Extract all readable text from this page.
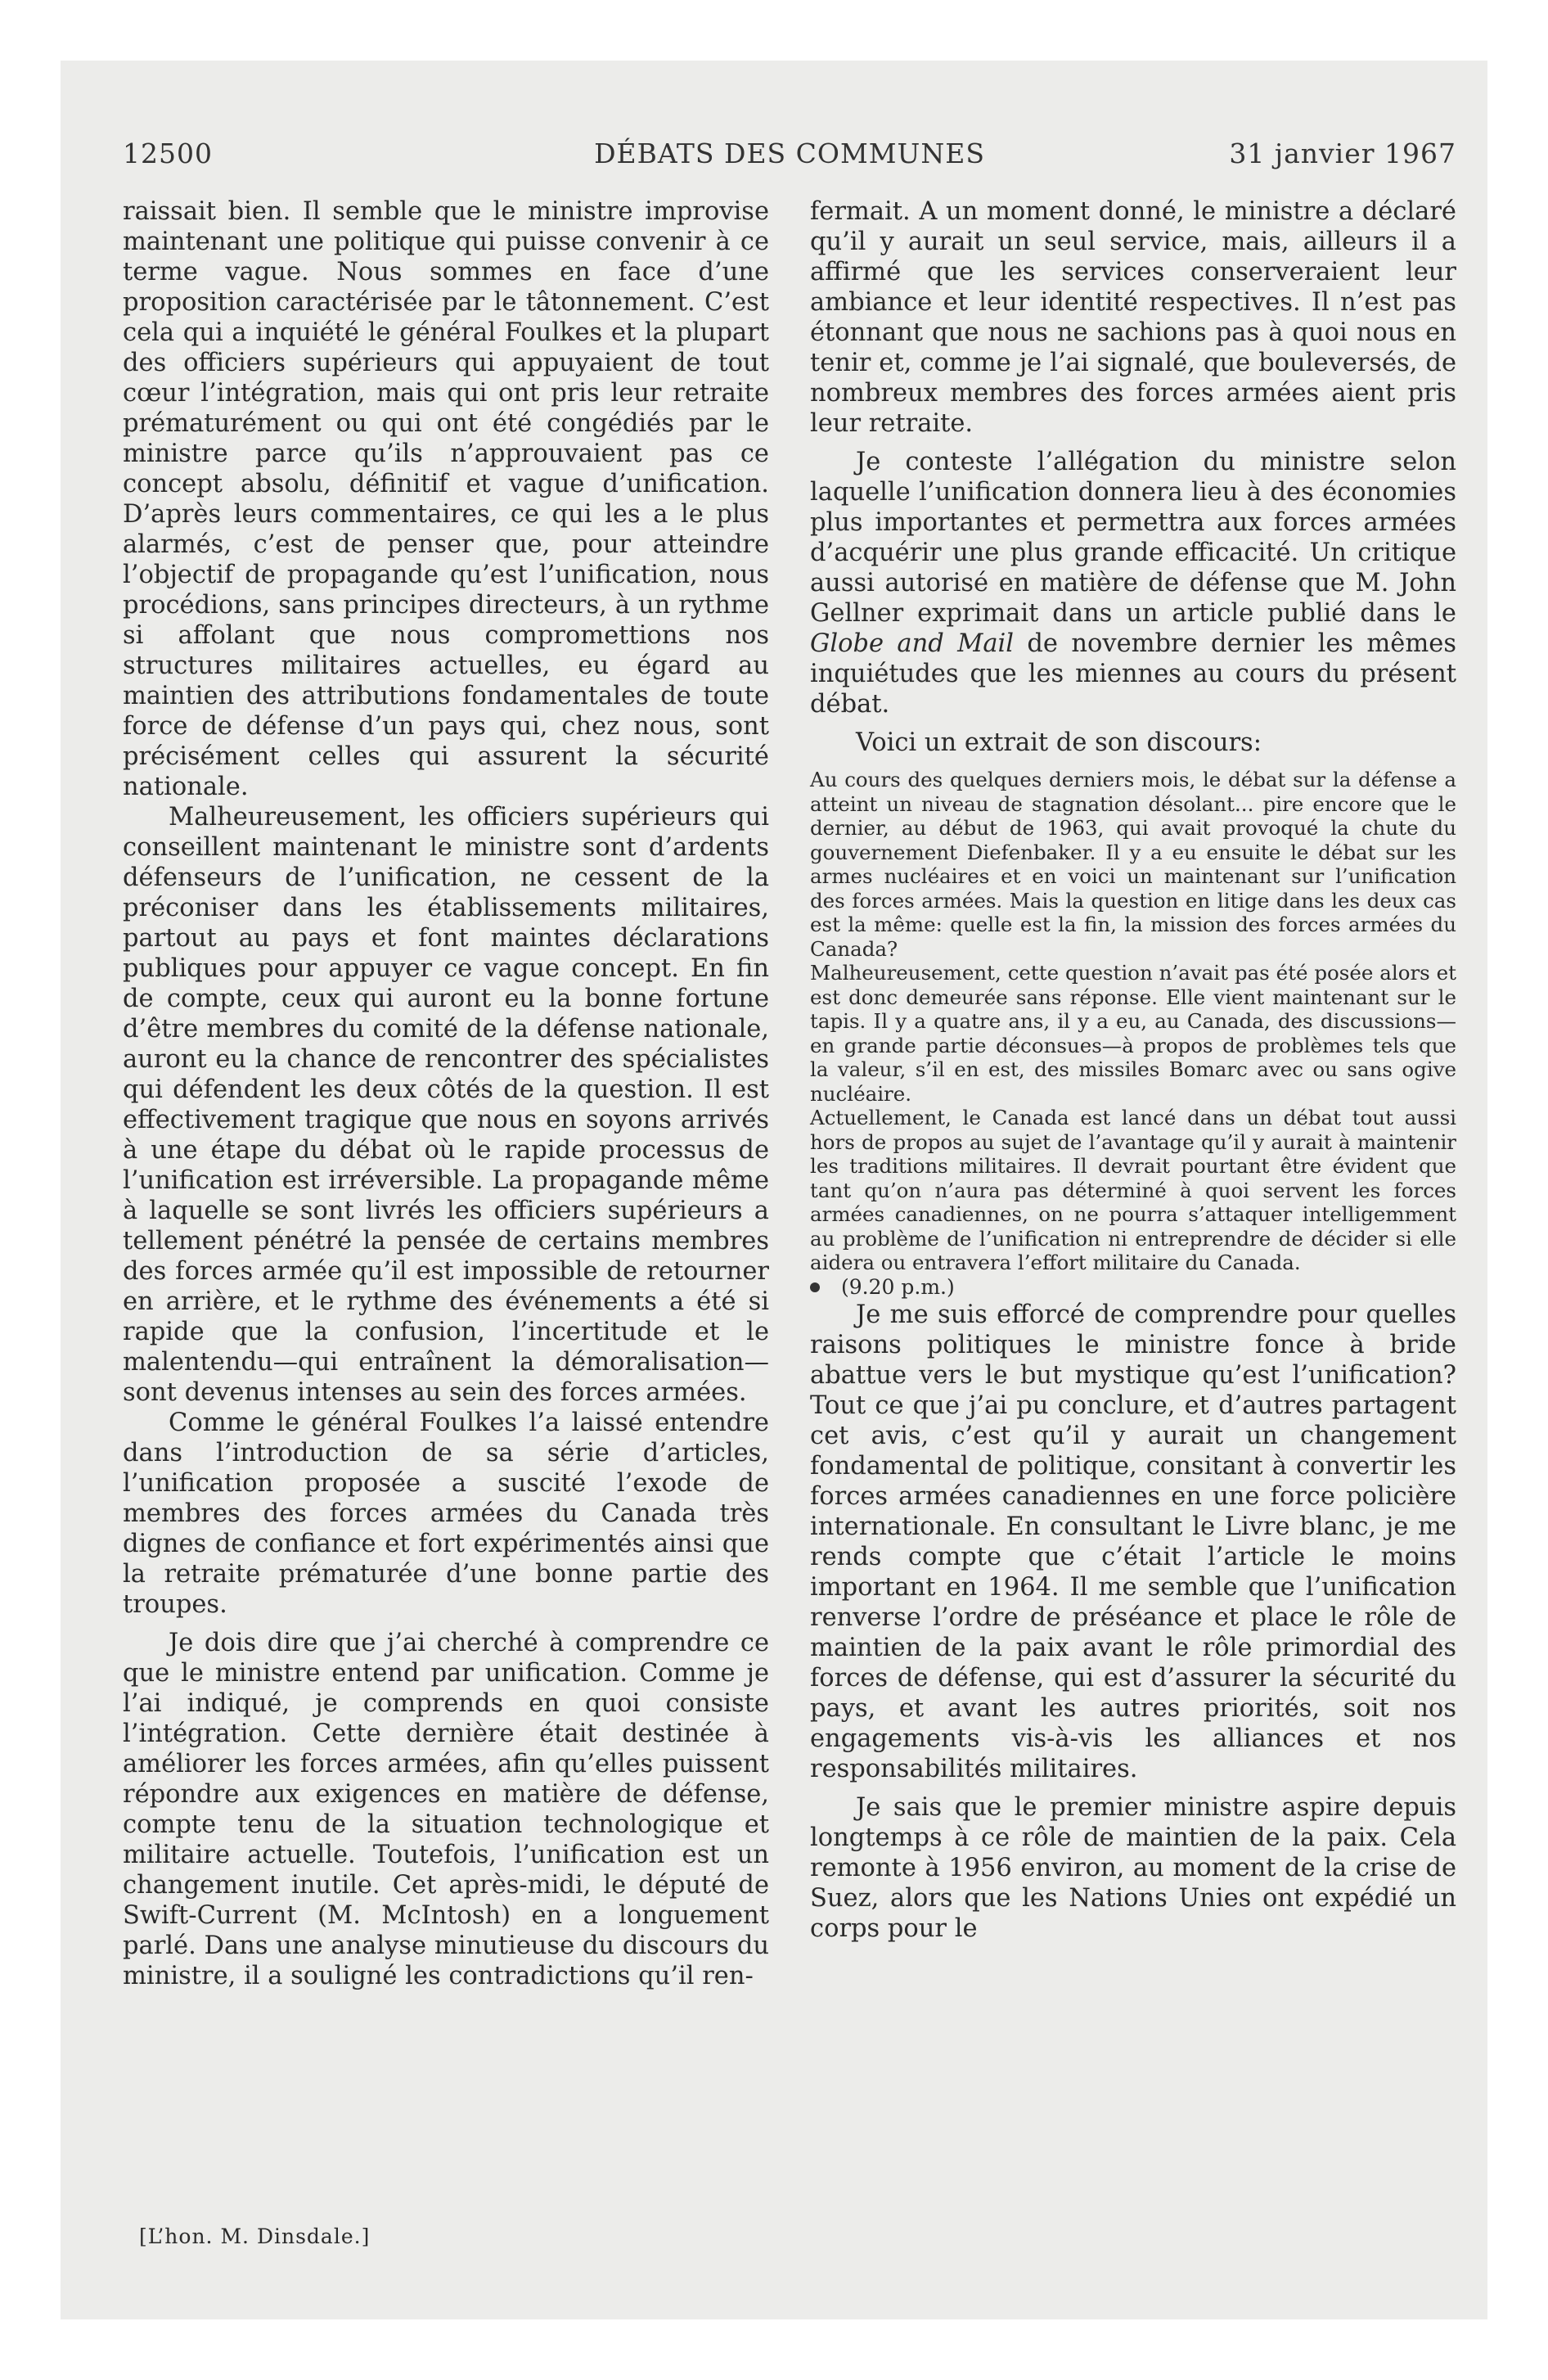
12500	DÉBATS DES COMMUNES	31 janvier 1967

raissait bien. Il semble que le ministre improvise maintenant une politique qui puisse convenir à ce terme vague. Nous sommes en face d’une proposition caractérisée par le tâtonnement. C’est cela qui a inquiété le général Foulkes et la plupart des officiers supérieurs qui appuyaient de tout cœur l’intégration, mais qui ont pris leur retraite prématurément ou qui ont été congédiés par le ministre parce qu’ils n’approuvaient pas ce concept absolu, définitif et vague d’unification. D’après leurs commentaires, ce qui les a le plus alarmés, c’est de penser que, pour atteindre l’objectif de propagande qu’est l’unification, nous procédions, sans principes directeurs, à un rythme si affolant que nous compromettions nos structures militaires actuelles, eu égard au maintien des attributions fondamentales de toute force de défense d’un pays qui, chez nous, sont précisément celles qui assurent la sécurité nationale.

Malheureusement, les officiers supérieurs qui conseillent maintenant le ministre sont d’ardents défenseurs de l’unification, ne cessent de la préconiser dans les établissements militaires, partout au pays et font maintes déclarations publiques pour appuyer ce vague concept. En fin de compte, ceux qui auront eu la bonne fortune d’être membres du comité de la défense nationale, auront eu la chance de rencontrer des spécialistes qui défendent les deux côtés de la question. Il est effectivement tragique que nous en soyons arrivés à une étape du débat où le rapide processus de l’unification est irréversible. La propagande même à laquelle se sont livrés les officiers supérieurs a tellement pénétré la pensée de certains membres des forces armée qu’il est impossible de retourner en arrière, et le rythme des événements a été si rapide que la confusion, l’incertitude et le malentendu—qui entraînent la démoralisation—sont devenus intenses au sein des forces armées.

Comme le général Foulkes l’a laissé entendre dans l’introduction de sa série d’articles, l’unification proposée a suscité l’exode de membres des forces armées du Canada très dignes de confiance et fort expérimentés ainsi que la retraite prématurée d’une bonne partie des troupes.

Je dois dire que j’ai cherché à comprendre ce que le ministre entend par unification. Comme je l’ai indiqué, je comprends en quoi consiste l’intégration. Cette dernière était destinée à améliorer les forces armées, afin qu’elles puissent répondre aux exigences en matière de défense, compte tenu de la situation technologique et militaire actuelle. Toutefois, l’unification est un changement inutile. Cet après-midi, le député de Swift-Current (M. McIntosh) en a longuement parlé. Dans une analyse minutieuse du discours du ministre, il a souligné les contradictions qu’il ren-

fermait. A un moment donné, le ministre a déclaré qu’il y aurait un seul service, mais, ailleurs il a affirmé que les services conserveraient leur ambiance et leur identité respectives. Il n’est pas étonnant que nous ne sachions pas à quoi nous en tenir et, comme je l’ai signalé, que bouleversés, de nombreux membres des forces armées aient pris leur retraite.

Je conteste l’allégation du ministre selon laquelle l’unification donnera lieu à des économies plus importantes et permettra aux forces armées d’acquérir une plus grande efficacité. Un critique aussi autorisé en matière de défense que M. John Gellner exprimait dans un article publié dans le Globe and Mail de novembre dernier les mêmes inquiétudes que les miennes au cours du présent débat.

Voici un extrait de son discours:

Au cours des quelques derniers mois, le débat sur la défense a atteint un niveau de stagnation désolant... pire encore que le dernier, au début de 1963, qui avait provoqué la chute du gouvernement Diefenbaker. Il y a eu ensuite le débat sur les armes nucléaires et en voici un maintenant sur l’unification des forces armées. Mais la question en litige dans les deux cas est la même: quelle est la fin, la mission des forces armées du Canada?

Malheureusement, cette question n’avait pas été posée alors et est donc demeurée sans réponse. Elle vient maintenant sur le tapis. Il y a quatre ans, il y a eu, au Canada, des discussions—en grande partie déconsues—à propos de problèmes tels que la valeur, s’il en est, des missiles Bomarc avec ou sans ogive nucléaire.

Actuellement, le Canada est lancé dans un débat tout aussi hors de propos au sujet de l’avantage qu’il y aurait à maintenir les traditions militaires. Il devrait pourtant être évident que tant qu’on n’aura pas déterminé à quoi servent les forces armées canadiennes, on ne pourra s’attaquer intelligemment au problème de l’unification ni entreprendre de décider si elle aidera ou entravera l’effort militaire du Canada.

(9.20 p.m.)

Je me suis efforcé de comprendre pour quelles raisons politiques le ministre fonce à bride abattue vers le but mystique qu’est l’unification? Tout ce que j’ai pu conclure, et d’autres partagent cet avis, c’est qu’il y aurait un changement fondamental de politique, consitant à convertir les forces armées canadiennes en une force policière internationale. En consultant le Livre blanc, je me rends compte que c’était l’article le moins important en 1964. Il me semble que l’unification renverse l’ordre de préséance et place le rôle de maintien de la paix avant le rôle primordial des forces de défense, qui est d’assurer la sécurité du pays, et avant les autres priorités, soit nos engagements vis-à-vis les alliances et nos responsabilités militaires.

Je sais que le premier ministre aspire depuis longtemps à ce rôle de maintien de la paix. Cela remonte à 1956 environ, au moment de la crise de Suez, alors que les Nations Unies ont expédié un corps pour le

[L’hon. M. Dinsdale.]
